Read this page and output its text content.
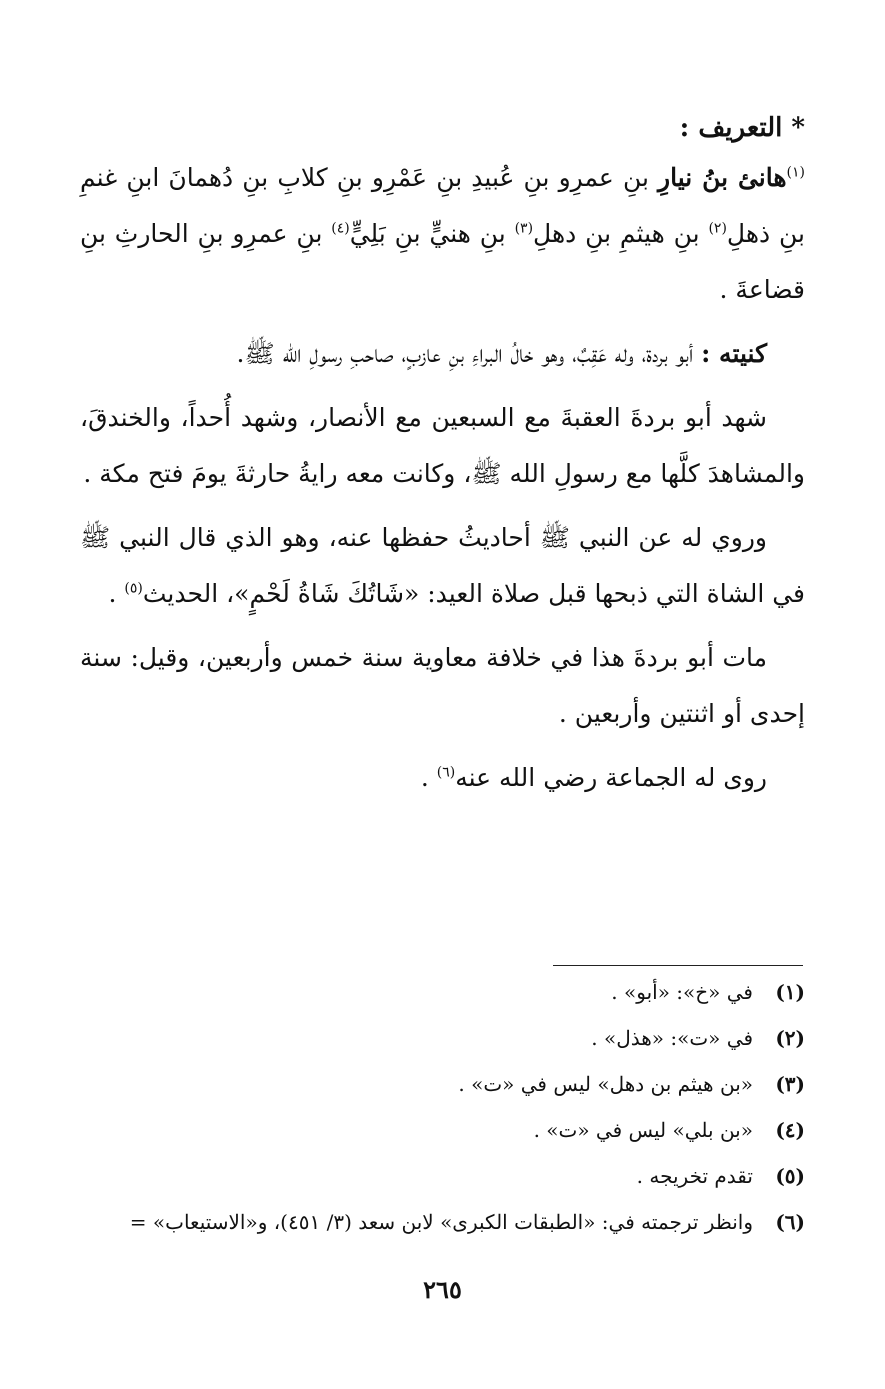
* التعريف :

$^{(١)}$هانئ بنُ نيارِ بنِ عمرِو بنِ عُبيدِ بنِ عَمْرِو بنِ كلابِ بنِ دُهمانَ ابنِ غنمِ بنِ ذهلِ$^{(٢)}$ بنِ هيثمِ بنِ دهلِ$^{(٣)}$ بنِ هنيٍّ بنِ بَلِيٍّ$^{(٤)}$ بنِ عمرِو بنِ الحارثِ بنِ قضاعةَ .

كنيته : أبو بردة، وله عَقِبٌ، وهو خالُ البراءِ بنِ عازبٍ، صاحبِ رسولِ الله ﷺ.

شهد أبو بردةَ العقبةَ مع السبعين مع الأنصار، وشهد أُحداً، والخندقَ، والمشاهدَ كلَّها مع رسولِ الله ﷺ، وكانت معه رايةُ حارثةَ يومَ فتح مكة .

وروي له عن النبي ﷺ أحاديثُ حفظها عنه، وهو الذي قال النبي ﷺ في الشاة التي ذبحها قبل صلاة العيد: «شَاتُكَ شَاةُ لَحْمٍ»، الحديث$^{(٥)}$ .

مات أبو بردةَ هذا في خلافة معاوية سنة خمس وأربعين، وقيل: سنة إحدى أو اثنتين وأربعين .

روى له الجماعة رضي الله عنه$^{(٦)}$ .

(١)
في «خ»: «أبو» .
(٢)
في «ت»: «هذل» .
(٣)
«بن هيثم بن دهل» ليس في «ت» .
(٤)
«بن بلي» ليس في «ت» .
(٥)
تقدم تخريجه .
(٦)
وانظر ترجمته في: «الطبقات الكبرى» لابن سعد (٣/ ٤٥١)، و«الاستيعاب» =
٢٦٥
